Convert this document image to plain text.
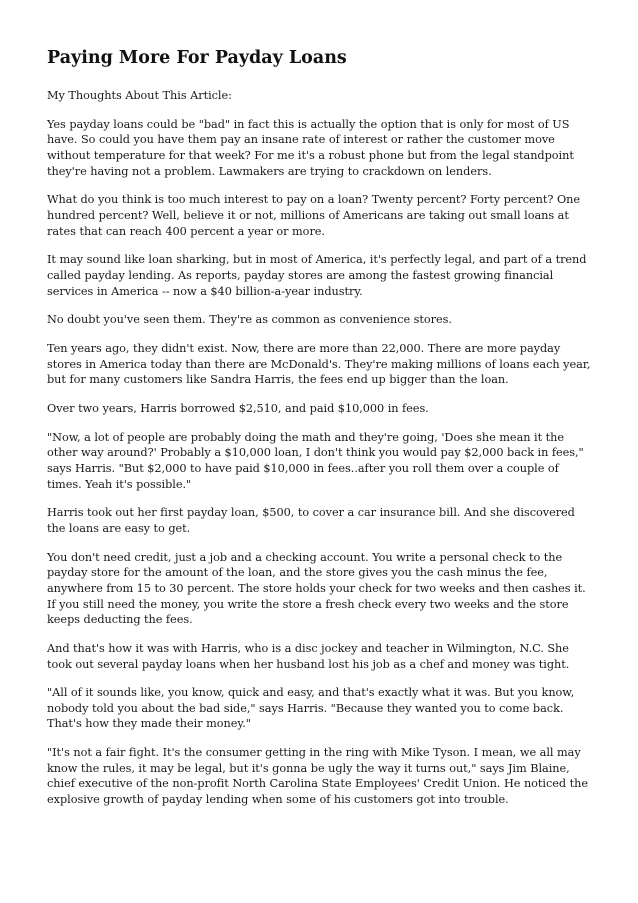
Paying More For Payday Loans

My Thoughts About This Article:

Yes payday loans could be "bad" in fact this is actually the option that is only for most of US have. So could you have them pay an insane rate of interest or rather the customer move without temperature for that week? For me it's a robust phone but from the legal standpoint they're having not a problem. Lawmakers are trying to crackdown on lenders.

What do you think is too much interest to pay on a loan? Twenty percent? Forty percent? One hundred percent? Well, believe it or not, millions of Americans are taking out small loans at rates that can reach 400 percent a year or more.

It may sound like loan sharking, but in most of America, it's perfectly legal, and part of a trend called payday lending. As reports, payday stores are among the fastest growing financial services in America -- now a $40 billion-a-year industry.

No doubt you've seen them. They're as common as convenience stores.

Ten years ago, they didn't exist. Now, there are more than 22,000. There are more payday stores in America today than there are McDonald's. They're making millions of loans each year, but for many customers like Sandra Harris, the fees end up bigger than the loan.

Over two years, Harris borrowed $2,510, and paid $10,000 in fees.

"Now, a lot of people are probably doing the math and they're going, 'Does she mean it the other way around?' Probably a $10,000 loan, I don't think you would pay $2,000 back in fees," says Harris. "But $2,000 to have paid $10,000 in fees..after you roll them over a couple of times. Yeah it's possible."

Harris took out her first payday loan, $500, to cover a car insurance bill. And she discovered the loans are easy to get.

You don't need credit, just a job and a checking account. You write a personal check to the payday store for the amount of the loan, and the store gives you the cash minus the fee, anywhere from 15 to 30 percent. The store holds your check for two weeks and then cashes it. If you still need the money, you write the store a fresh check every two weeks and the store keeps deducting the fees.

And that's how it was with Harris, who is a disc jockey and teacher in Wilmington, N.C. She took out several payday loans when her husband lost his job as a chef and money was tight.

"All of it sounds like, you know, quick and easy, and that's exactly what it was. But you know, nobody told you about the bad side," says Harris. "Because they wanted you to come back. That's how they made their money."

"It's not a fair fight. It's the consumer getting in the ring with Mike Tyson. I mean, we all may know the rules, it may be legal, but it's gonna be ugly the way it turns out," says Jim Blaine, chief executive of the non-profit North Carolina State Employees' Credit Union. He noticed the explosive growth of payday lending when some of his customers got into trouble.
